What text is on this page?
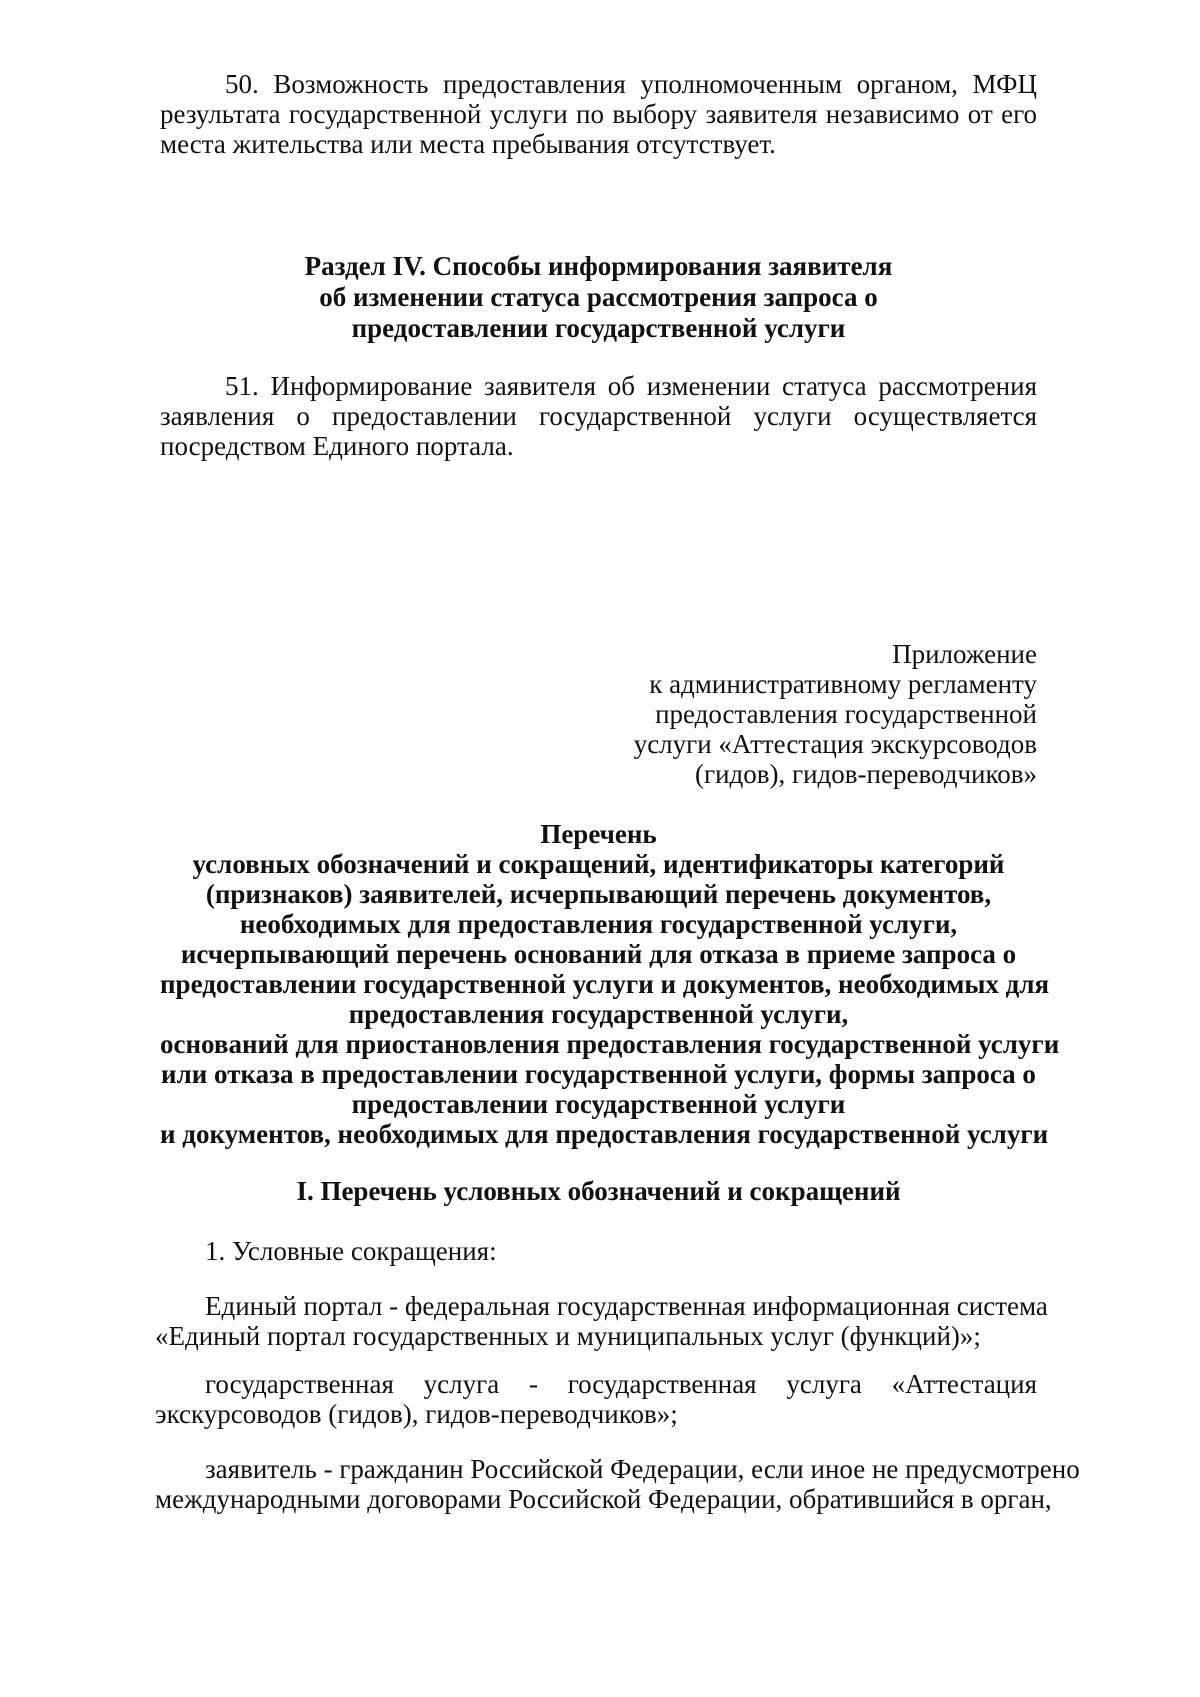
50. Возможность предоставления уполномоченным органом, МФЦ
результата государственной услуги по выбору заявителя независимо от его
места жительства или места пребывания отсутствует.
Раздел IV. Способы информирования заявителя
об изменении статуса рассмотрения запроса о
предоставлении государственной услуги
51. Информирование заявителя об изменении статуса рассмотрения
заявления о предоставлении государственной услуги осуществляется
посредством Единого портала.
Приложение
к административному регламенту
предоставления государственной
услуги «Аттестация экскурсоводов
(гидов), гидов-переводчиков»
Перечень
условных обозначений и сокращений, идентификаторы категорий
(признаков) заявителей, исчерпывающий перечень документов,
необходимых для предоставления государственной услуги,
исчерпывающий перечень оснований для отказа в приеме запроса о
предоставлении государственной услуги и документов, необходимых для
предоставления государственной услуги,
оснований для приостановления предоставления государственной услуги
или отказа в предоставлении государственной услуги, формы запроса о
предоставлении государственной услуги
и документов, необходимых для предоставления государственной услуги
I. Перечень условных обозначений и сокращений
1. Условные сокращения:
Единый портал - федеральная государственная информационная система
«Единый портал государственных и муниципальных услуг (функций)»;
государственная услуга - государственная услуга «Аттестация
экскурсоводов (гидов), гидов-переводчиков»;
заявитель - гражданин Российской Федерации, если иное не предусмотрено
международными договорами Российской Федерации, обратившийся в орган,
